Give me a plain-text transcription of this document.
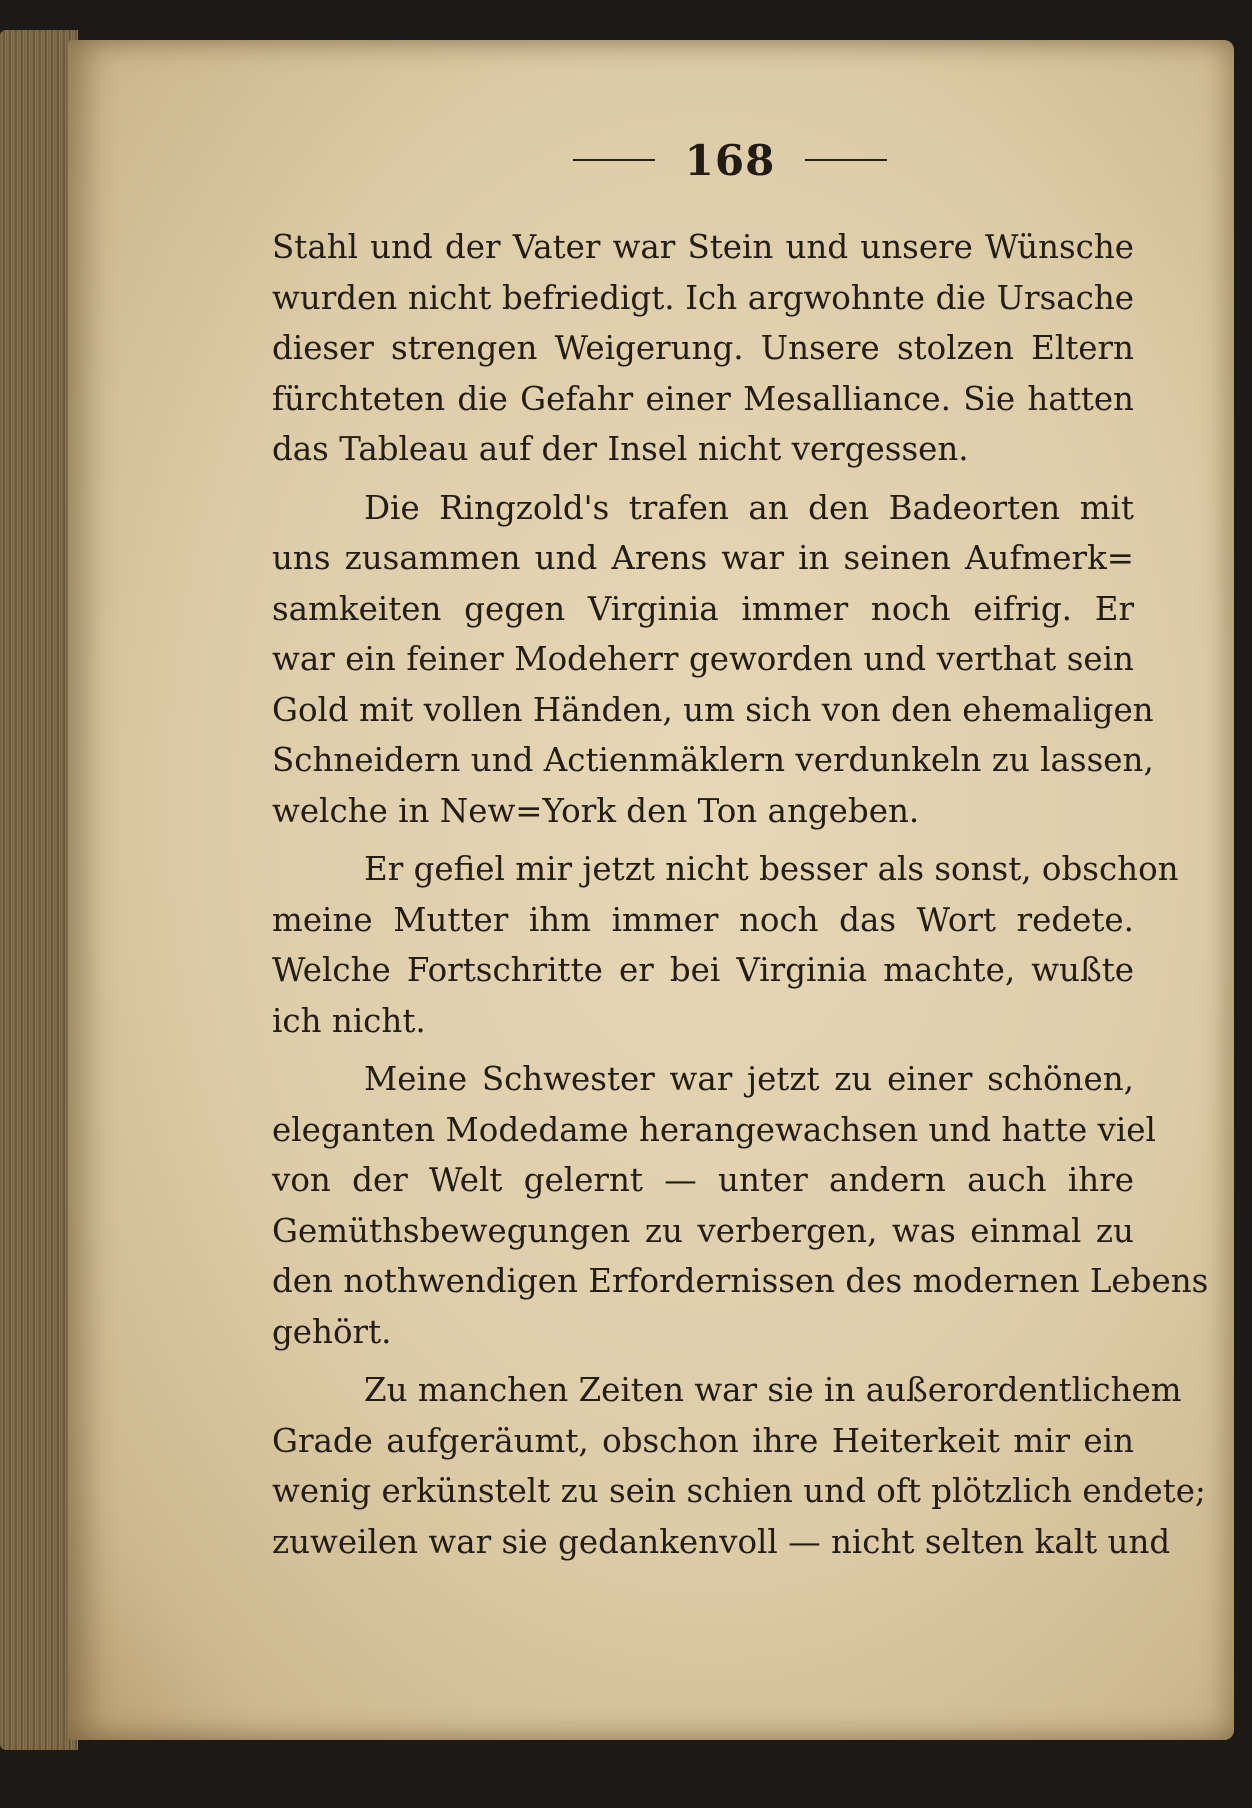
168
Stahl und der Vater war Stein und unsere Wünsche
wurden nicht befriedigt. Ich argwohnte die Ursache
dieser strengen Weigerung. Unsere stolzen Eltern
fürchteten die Gefahr einer Mesalliance. Sie hatten
das Tableau auf der Insel nicht vergessen.
Die Ringzold's trafen an den Badeorten mit
uns zusammen und Arens war in seinen Aufmerk=
samkeiten gegen Virginia immer noch eifrig. Er
war ein feiner Modeherr geworden und verthat sein
Gold mit vollen Händen, um sich von den ehemaligen
Schneidern und Actienmäklern verdunkeln zu lassen,
welche in New=York den Ton angeben.
Er gefiel mir jetzt nicht besser als sonst, obschon
meine Mutter ihm immer noch das Wort redete.
Welche Fortschritte er bei Virginia machte, wußte
ich nicht.
Meine Schwester war jetzt zu einer schönen,
eleganten Modedame herangewachsen und hatte viel
von der Welt gelernt — unter andern auch ihre
Gemüthsbewegungen zu verbergen, was einmal zu
den nothwendigen Erfordernissen des modernen Lebens
gehört.
Zu manchen Zeiten war sie in außerordentlichem
Grade aufgeräumt, obschon ihre Heiterkeit mir ein
wenig erkünstelt zu sein schien und oft plötzlich endete;
zuweilen war sie gedankenvoll — nicht selten kalt und
